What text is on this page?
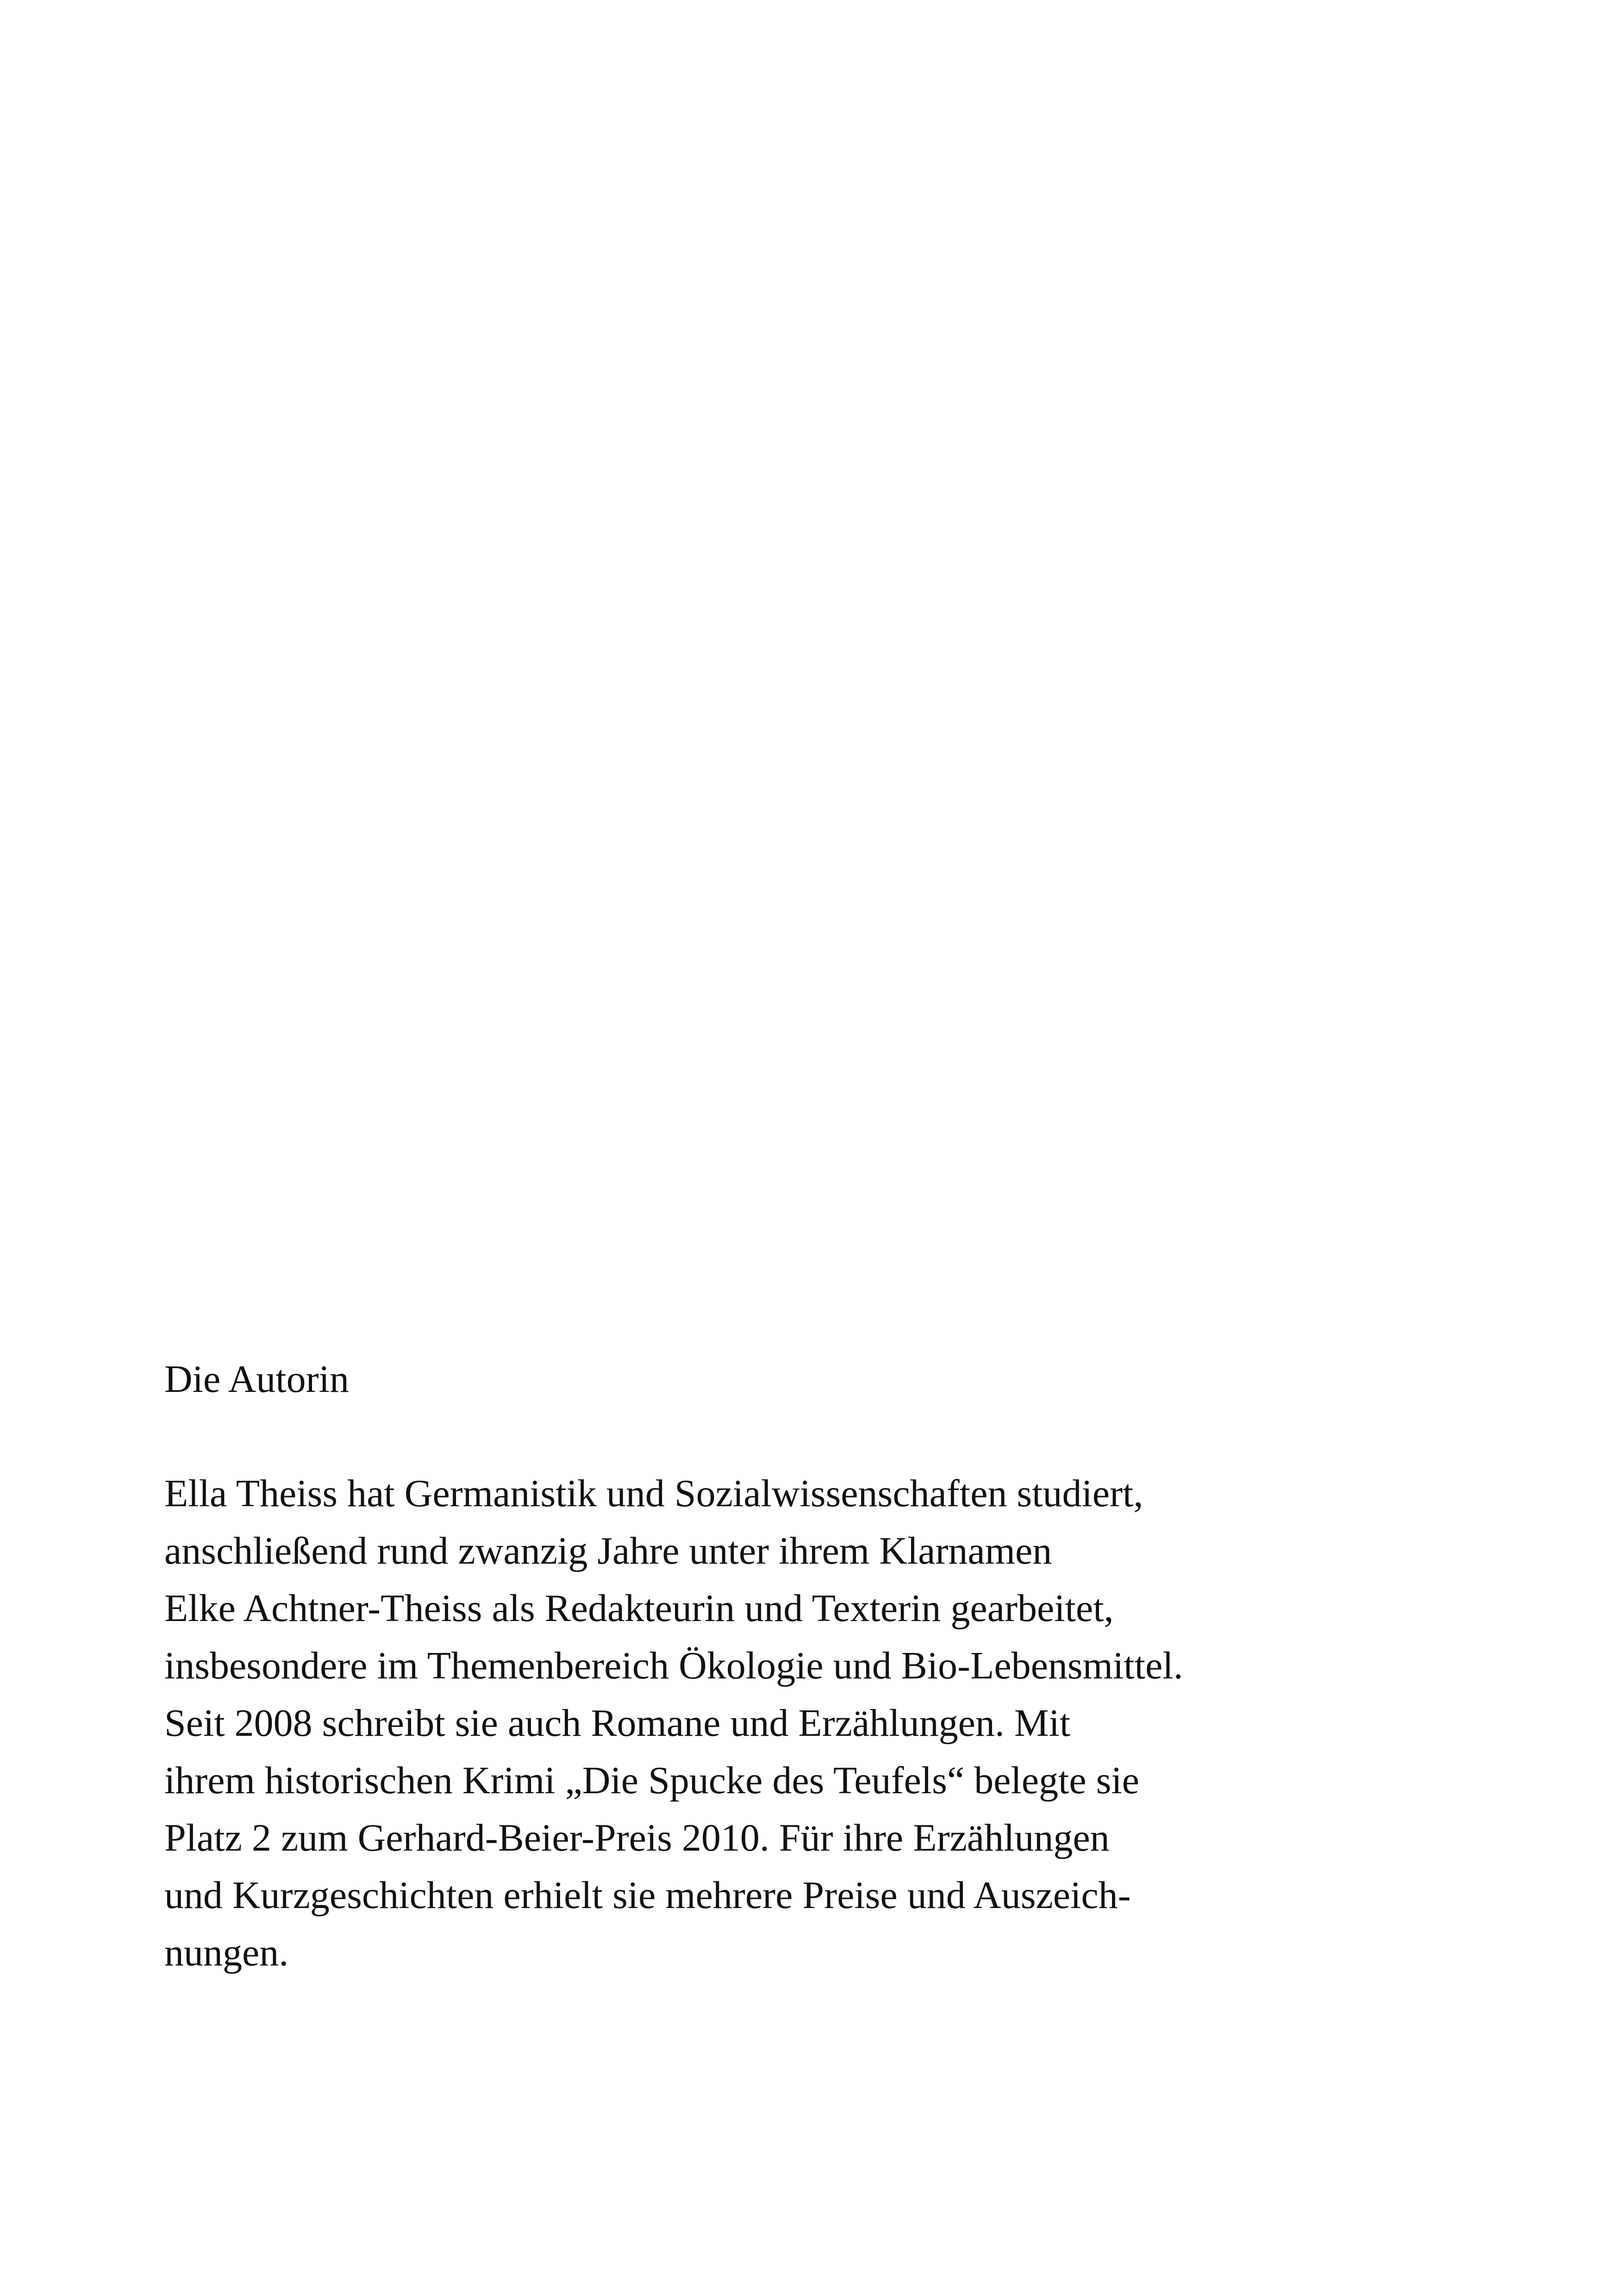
Die Autorin

Ella Theiss hat Germanistik und Sozialwissenschaften studiert,
anschließend rund zwanzig Jahre unter ihrem Klarnamen
Elke Achtner-Theiss als Redakteurin und Texterin gearbeitet,
insbesondere im Themenbereich Ökologie und Bio-Lebensmittel.
Seit 2008 schreibt sie auch Romane und Erzählungen. Mit
ihrem historischen Krimi „Die Spucke des Teufels“ belegte sie
Platz 2 zum Gerhard-Beier-Preis 2010. Für ihre Erzählungen
und Kurzgeschichten erhielt sie mehrere Preise und Auszeich-
nungen.
